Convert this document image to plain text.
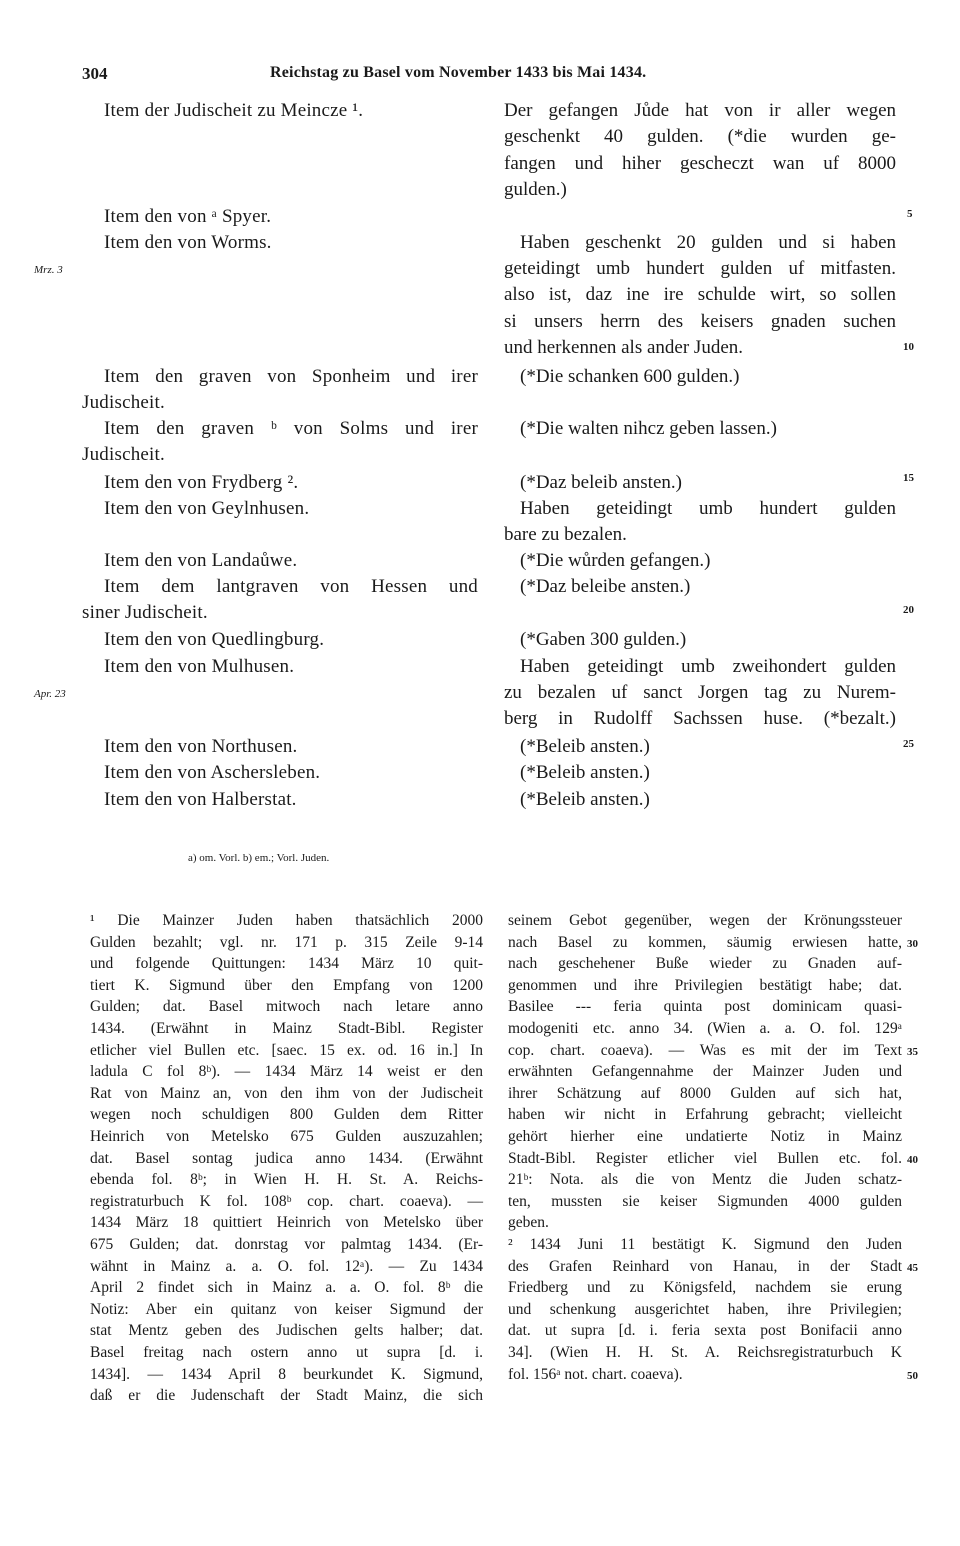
304	Reichstag zu Basel vom November 1433 bis Mai 1434.
Mrz. 3
Apr. 23
5
10
15
20
25
30
35
40
45
50
Item der Judischeit zu Meincze ¹.
Item den von ᵃ Spyer.
Item den von Worms.
Item den graven von Sponheim und irer
Judischeit.
Item den graven ᵇ von Solms und irer
Judischeit.
Item den von Frydberg ².
Item den von Geylnhusen.
Item den von Landaůwe.
Item dem lantgraven von Hessen und
siner Judischeit.
Item den von Quedlingburg.
Item den von Mulhusen.
Item den von Northusen.
Item den von Aschersleben.
Item den von Halberstat.
Der gefangen Jůde hat von ir aller wegen
geschenkt 40 gulden. (*die wurden ge-
fangen und hiher gescheczt wan uf 8000
gulden.)
Haben geschenkt 20 gulden und si haben
geteidingt umb hundert gulden uf mitfasten.
also ist, daz ine ire schulde wirt, so sollen
si unsers herrn des keisers gnaden suchen
und herkennen als ander Juden.
(*Die schanken 600 gulden.)
(*Die walten nihcz geben lassen.)
(*Daz beleib ansten.)
Haben geteidingt umb hundert gulden
bare zu bezalen.
(*Die wůrden gefangen.)
(*Daz beleibe ansten.)
(*Gaben 300 gulden.)
Haben geteidingt umb zweihondert gulden
zu bezalen uf sanct Jorgen tag zu Nurem-
berg in Rudolff Sachssen huse. (*bezalt.)
(*Beleib ansten.)
(*Beleib ansten.)
(*Beleib ansten.)
a) om. Vorl. b) em.; Vorl. Juden.
¹ Die Mainzer Juden haben thatsächlich 2000
Gulden bezahlt; vgl. nr. 171 p. 315 Zeile 9-14
und folgende Quittungen: 1434 März 10 quit-
tiert K. Sigmund über den Empfang von 1200
Gulden; dat. Basel mitwoch nach letare anno
1434. (Erwähnt in Mainz Stadt-Bibl. Register
etlicher viel Bullen etc. [saec. 15 ex. od. 16 in.] In
ladula C fol 8ᵇ). — 1434 März 14 weist er den
Rat von Mainz an, von den ihm von der Judischeit
wegen noch schuldigen 800 Gulden dem Ritter
Heinrich von Metelsko 675 Gulden auszuzahlen;
dat. Basel sontag judica anno 1434. (Erwähnt
ebenda fol. 8ᵇ; in Wien H. H. St. A. Reichs-
registraturbuch K fol. 108ᵇ cop. chart. coaeva). —
1434 März 18 quittiert Heinrich von Metelsko über
675 Gulden; dat. donrstag vor palmtag 1434. (Er-
wähnt in Mainz a. a. O. fol. 12ᵃ). — Zu 1434
April 2 findet sich in Mainz a. a. O. fol. 8ᵇ die
Notiz: Aber ein quitanz von keiser Sigmund der
stat Mentz geben des Judischen gelts halber; dat.
Basel freitag nach ostern anno ut supra [d. i.
1434]. — 1434 April 8 beurkundet K. Sigmund,
daß er die Judenschaft der Stadt Mainz, die sich
seinem Gebot gegenüber, wegen der Krönungssteuer
nach Basel zu kommen, säumig erwiesen hatte,
nach geschehener Buße wieder zu Gnaden auf-
genommen und ihre Privilegien bestätigt habe; dat.
Basilee --- feria quinta post dominicam quasi-
modogeniti etc. anno 34. (Wien a. a. O. fol. 129ᵃ
cop. chart. coaeva). — Was es mit der im Text
erwähnten Gefangennahme der Mainzer Juden und
ihrer Schätzung auf 8000 Gulden auf sich hat,
haben wir nicht in Erfahrung gebracht; vielleicht
gehört hierher eine undatierte Notiz in Mainz
Stadt-Bibl. Register etlicher viel Bullen etc. fol.
21ᵇ: Nota. als die von Mentz die Juden schatz-
ten, mussten sie keiser Sigmunden 4000 gulden
geben.
² 1434 Juni 11 bestätigt K. Sigmund den Juden
des Grafen Reinhard von Hanau, in der Stadt
Friedberg und zu Königsfeld, nachdem sie erung
und schenkung ausgerichtet haben, ihre Privilegien;
dat. ut supra [d. i. feria sexta post Bonifacii anno
34]. (Wien H. H. St. A. Reichsregistraturbuch K
fol. 156ᵃ not. chart. coaeva).
